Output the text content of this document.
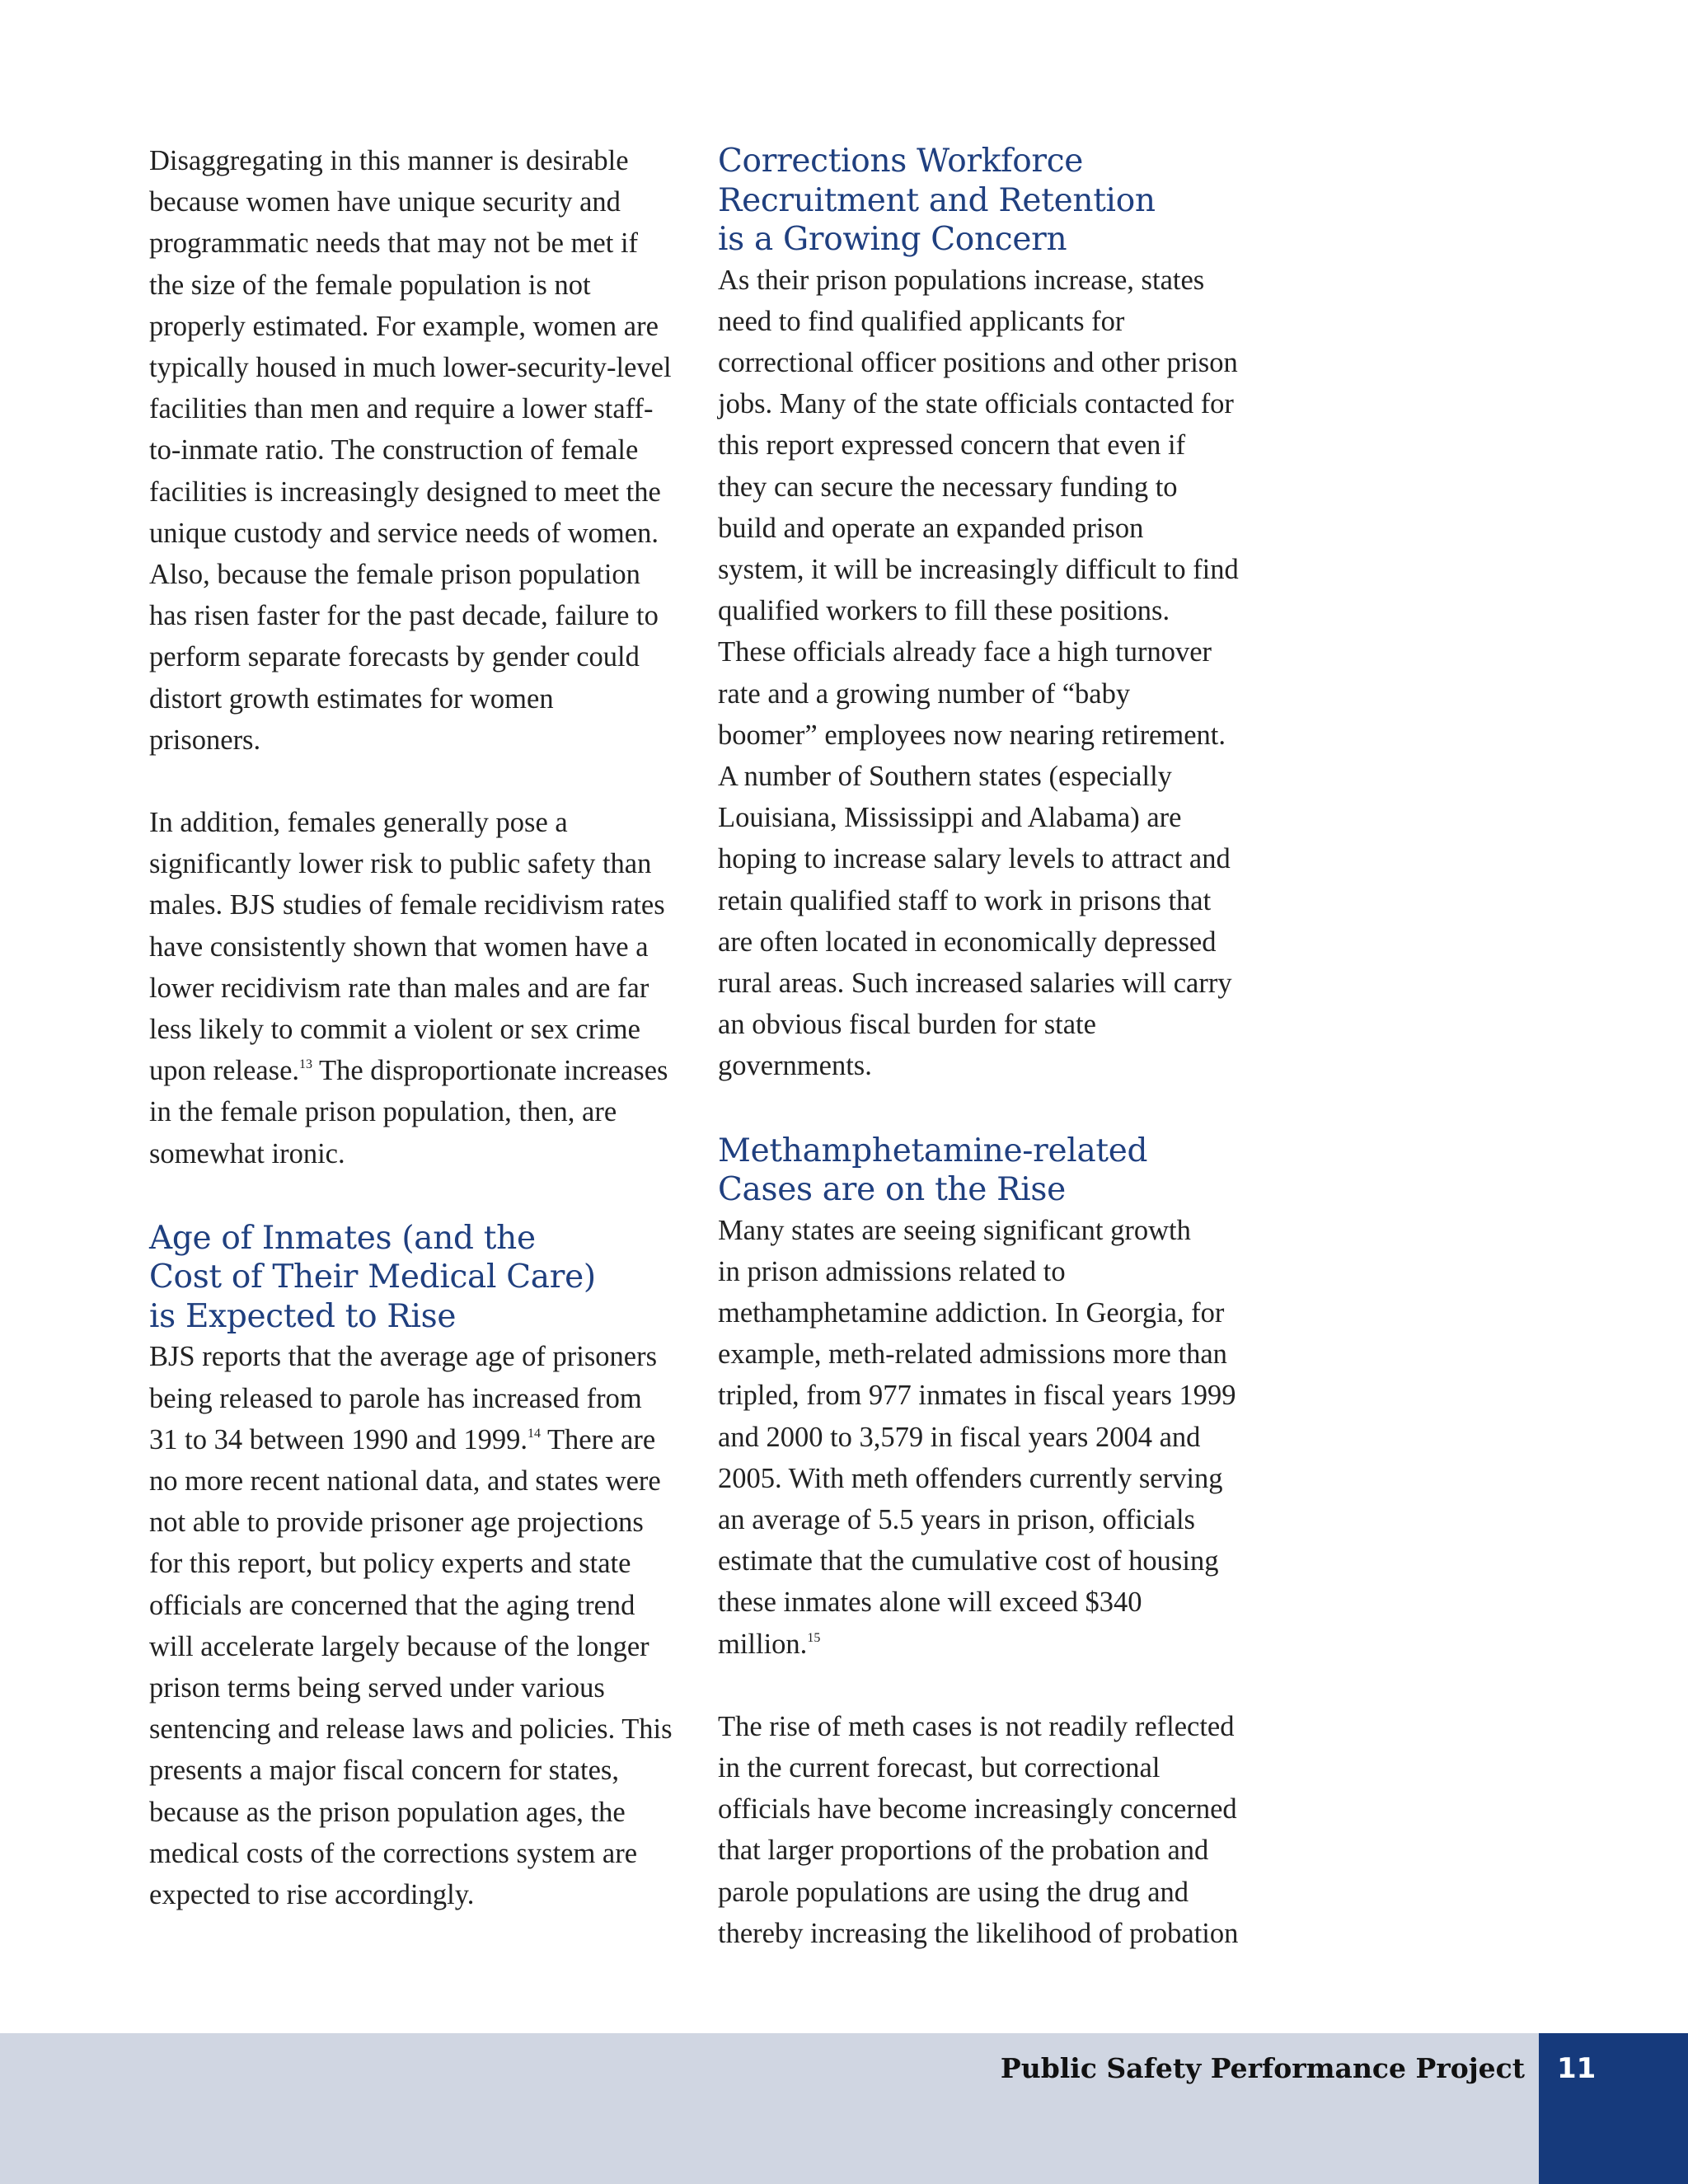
Disaggregating in this manner is desirable
because women have unique security and
programmatic needs that may not be met if
the size of the female population is not
properly estimated. For example, women are
typically housed in much lower-security-level
facilities than men and require a lower staff-
to-inmate ratio. The construction of female
facilities is increasingly designed to meet the
unique custody and service needs of women.
Also, because the female prison population
has risen faster for the past decade, failure to
perform separate forecasts by gender could
distort growth estimates for women
prisoners.

In addition, females generally pose a
significantly lower risk to public safety than
males. BJS studies of female recidivism rates
have consistently shown that women have a
lower recidivism rate than males and are far
less likely to commit a violent or sex crime
upon release.$^{13}$ The disproportionate increases
in the female prison population, then, are
somewhat ironic.

Age of Inmates (and the
Cost of Their Medical Care)
is Expected to Rise

BJS reports that the average age of prisoners
being released to parole has increased from
31 to 34 between 1990 and 1999.14 There are
no more recent national data, and states were
not able to provide prisoner age projections
for this report, but policy experts and state
officials are concerned that the aging trend
will accelerate largely because of the longer
prison terms being served under various
sentencing and release laws and policies. This
presents a major fiscal concern for states,
because as the prison population ages, the
medical costs of the corrections system are
expected to rise accordingly.

Corrections Workforce
Recruitment and Retention
is a Growing Concern

As their prison populations increase, states
need to find qualified applicants for
correctional officer positions and other prison
jobs. Many of the state officials contacted for
this report expressed concern that even if
they can secure the necessary funding to
build and operate an expanded prison
system, it will be increasingly difficult to find
qualified workers to fill these positions.
These officials already face a high turnover
rate and a growing number of “baby
boomer” employees now nearing retirement.
A number of Southern states (especially
Louisiana, Mississippi and Alabama) are
hoping to increase salary levels to attract and
retain qualified staff to work in prisons that
are often located in economically depressed
rural areas. Such increased salaries will carry
an obvious fiscal burden for state
governments.

Methamphetamine-related
Cases are on the Rise

Many states are seeing significant growth
in prison admissions related to
methamphetamine addiction. In Georgia, for
example, meth-related admissions more than
tripled, from 977 inmates in fiscal years 1999
and 2000 to 3,579 in fiscal years 2004 and
2005. With meth offenders currently serving
an average of 5.5 years in prison, officials
estimate that the cumulative cost of housing
these inmates alone will exceed $340
million.$^{15}$

The rise of meth cases is not readily reflected
in the current forecast, but correctional
officials have become increasingly concerned
that larger proportions of the probation and
parole populations are using the drug and
thereby increasing the likelihood of probation

Public Safety Performance Project 11
